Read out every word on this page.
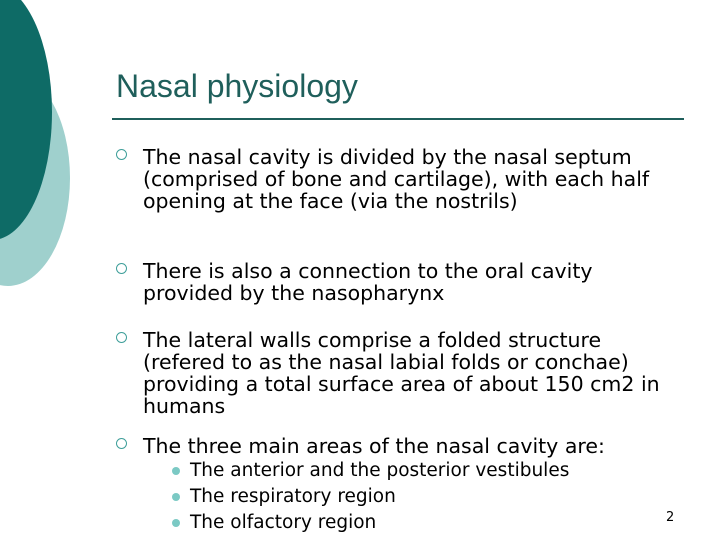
Nasal physiology
The nasal cavity is divided by the nasal septum (comprised of bone and cartilage), with each half opening at the face (via the nostrils)
There is also a connection to the oral cavity provided by the nasopharynx
The lateral walls comprise a folded structure (refered to as the nasal labial folds or conchae) providing a total surface area of about 150 cm2 in humans
The three main areas of the nasal cavity are:
The anterior and the posterior vestibules
The respiratory region
The olfactory region	2
